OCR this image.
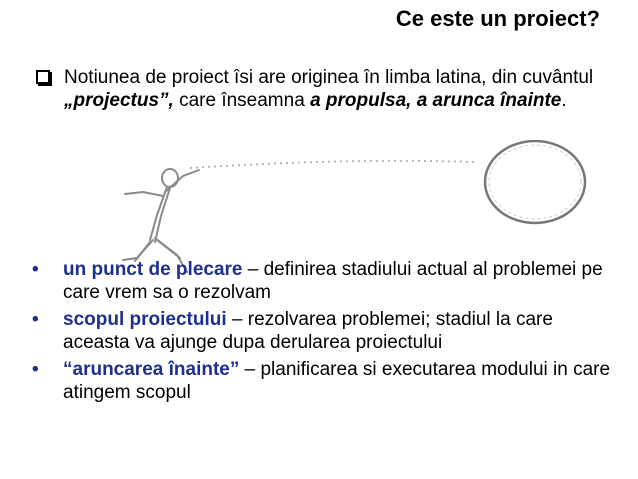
Ce este un proiect?
Notiunea de proiect îsi are originea în limba latina, din cuvântul „projectus”, care înseamna a propulsa, a arunca înainte.
• un punct de plecare – definirea stadiului actual al problemei pe care vrem sa o rezolvam
• scopul proiectului – rezolvarea problemei; stadiul la care aceasta va ajunge dupa derularea proiectului
• “aruncarea înainte” – planificarea si executarea modului in care atingem scopul
